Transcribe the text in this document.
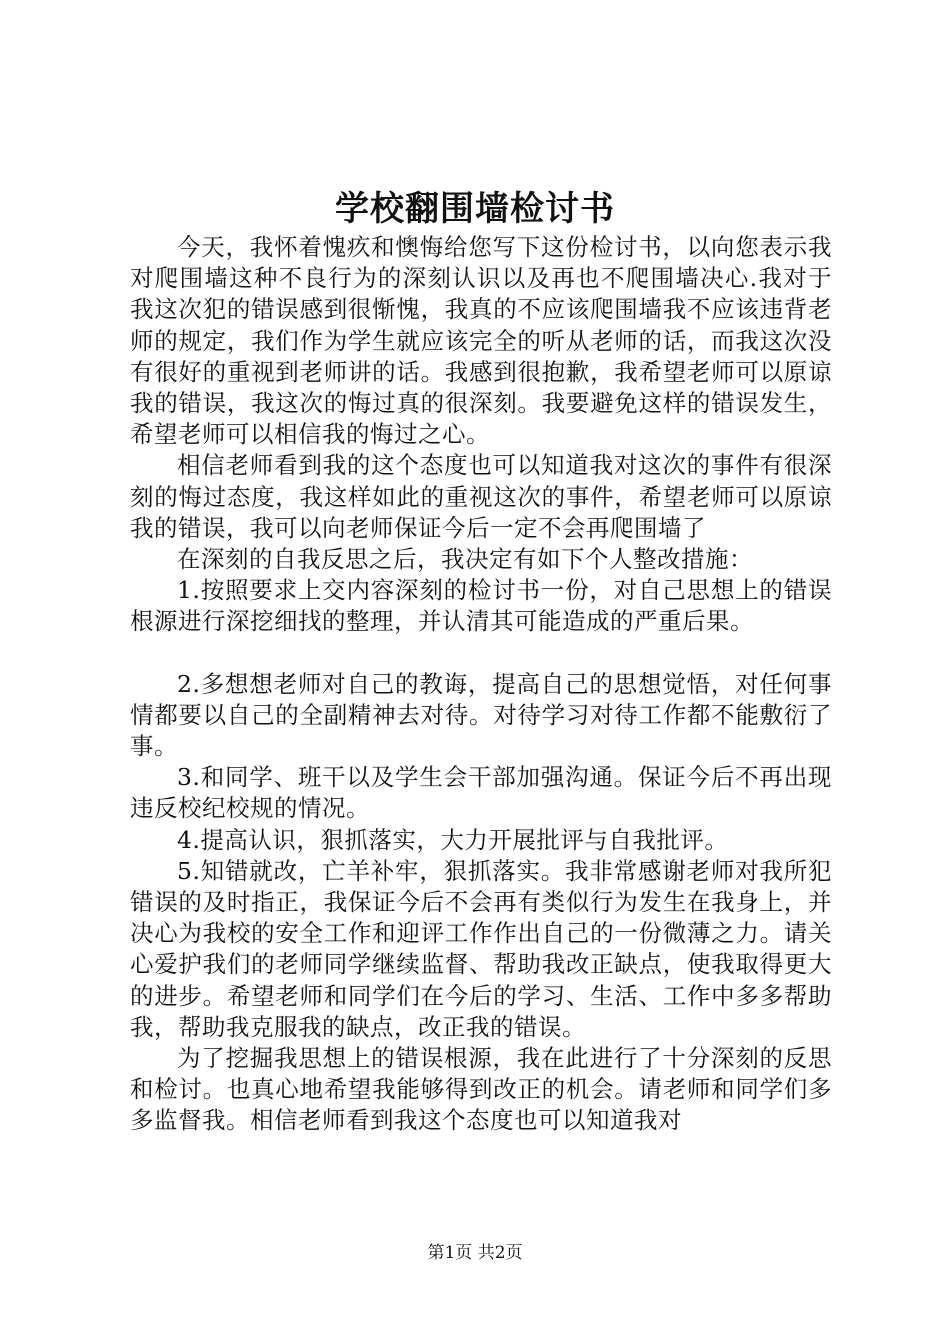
学校翻围墙检讨书

今天，我怀着愧疚和懊悔给您写下这份检讨书，以向您表示我对爬围墙这种不良行为的深刻认识以及再也不爬围墙决心.我对于我这次犯的错误感到很惭愧，我真的不应该爬围墙我不应该违背老师的规定，我们作为学生就应该完全的听从老师的话，而我这次没有很好的重视到老师讲的话。我感到很抱歉，我希望老师可以原谅我的错误，我这次的悔过真的很深刻。我要避免这样的错误发生，希望老师可以相信我的悔过之心。

相信老师看到我的这个态度也可以知道我对这次的事件有很深刻的悔过态度，我这样如此的重视这次的事件，希望老师可以原谅我的错误，我可以向老师保证今后一定不会再爬围墙了

在深刻的自我反思之后，我决定有如下个人整改措施：

1.按照要求上交内容深刻的检讨书一份，对自己思想上的错误根源进行深挖细找的整理，并认清其可能造成的严重后果。

2.多想想老师对自己的教诲，提高自己的思想觉悟，对任何事情都要以自己的全副精神去对待。对待学习对待工作都不能敷衍了事。

3.和同学、班干以及学生会干部加强沟通。保证今后不再出现违反校纪校规的情况。

4.提高认识，狠抓落实，大力开展批评与自我批评。

5.知错就改，亡羊补牢，狠抓落实。我非常感谢老师对我所犯错误的及时指正，我保证今后不会再有类似行为发生在我身上，并决心为我校的安全工作和迎评工作作出自己的一份微薄之力。请关心爱护我们的老师同学继续监督、帮助我改正缺点，使我取得更大的进步。希望老师和同学们在今后的学习、生活、工作中多多帮助我，帮助我克服我的缺点，改正我的错误。

为了挖掘我思想上的错误根源，我在此进行了十分深刻的反思和检讨。也真心地希望我能够得到改正的机会。请老师和同学们多多监督我。相信老师看到我这个态度也可以知道我对

第1页 共2页
